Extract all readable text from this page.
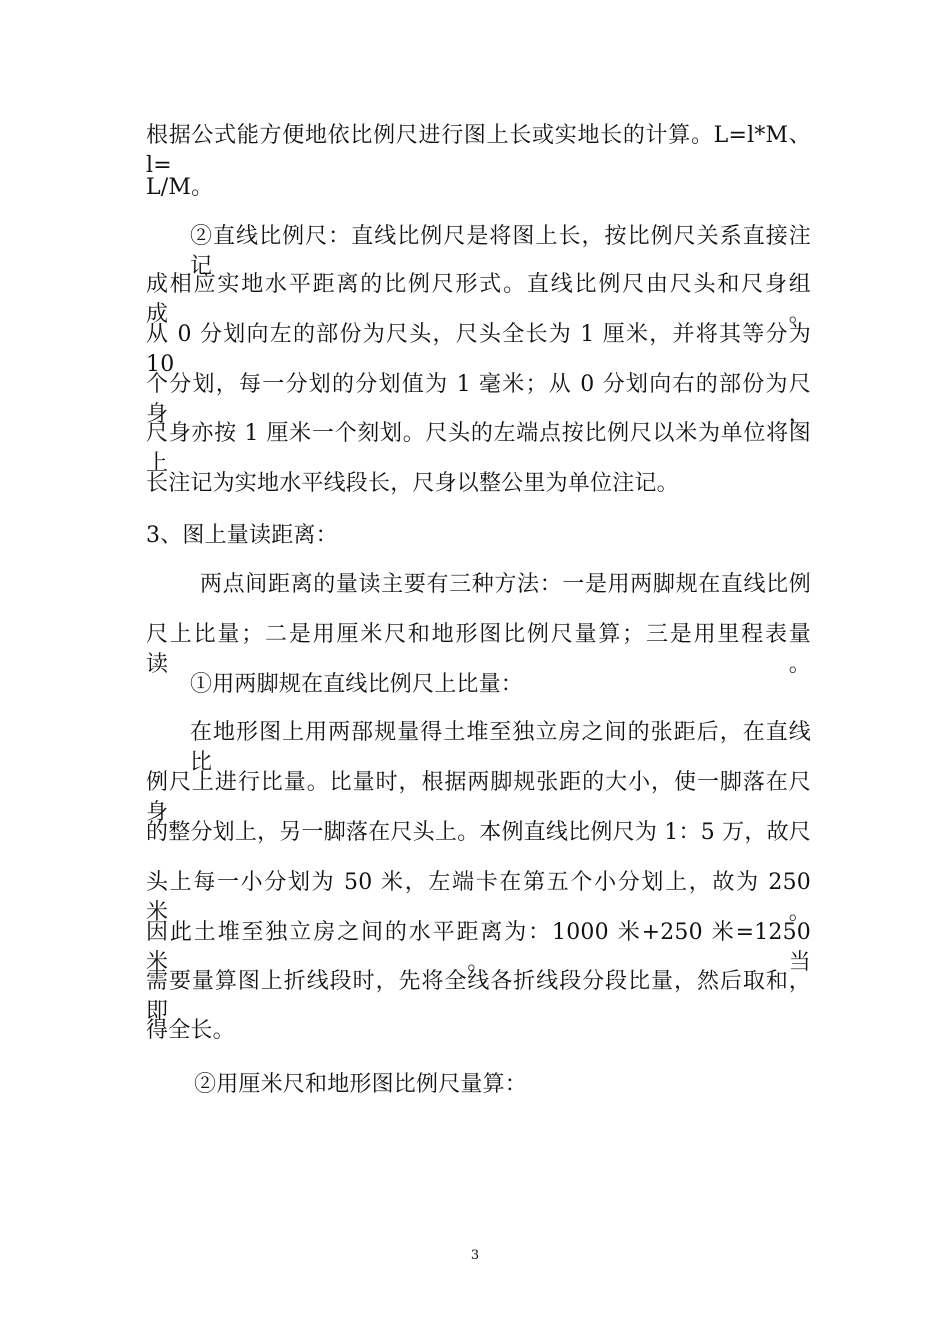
根据公式能方便地依比例尺进行图上长或实地长的计算。L=l*M、l=
L/M。
②直线比例尺：直线比例尺是将图上长，按比例尺关系直接注记
成相应实地水平距离的比例尺形式。直线比例尺由尺头和尺身组成。
从 0 分划向左的部份为尺头，尺头全长为 1 厘米，并将其等分为 10
个分划，每一分划的分划值为 1 毫米；从 0 分划向右的部份为尺身，
尺身亦按 1 厘米一个刻划。尺头的左端点按比例尺以米为单位将图上
长注记为实地水平线段长，尺身以整公里为单位注记。
3、图上量读距离：
两点间距离的量读主要有三种方法：一是用两脚规在直线比例
尺上比量；二是用厘米尺和地形图比例尺量算；三是用里程表量读。
①用两脚规在直线比例尺上比量：
在地形图上用两郚规量得土堆至独立房之间的张距后，在直线比
例尺上进行比量。比量时，根据两脚规张距的大小，使一脚落在尺身
的整分划上，另一脚落在尺头上。本例直线比例尺为 1：5 万，故尺
头上每一小分划为 50 米，左端卡在第五个小分划上，故为 250 米。
因此土堆至独立房之间的水平距离为：1000 米+250 米=1250 米。当
需要量算图上折线段时，先将全线各折线段分段比量，然后取和，即
得全长。
②用厘米尺和地形图比例尺量算：
3
